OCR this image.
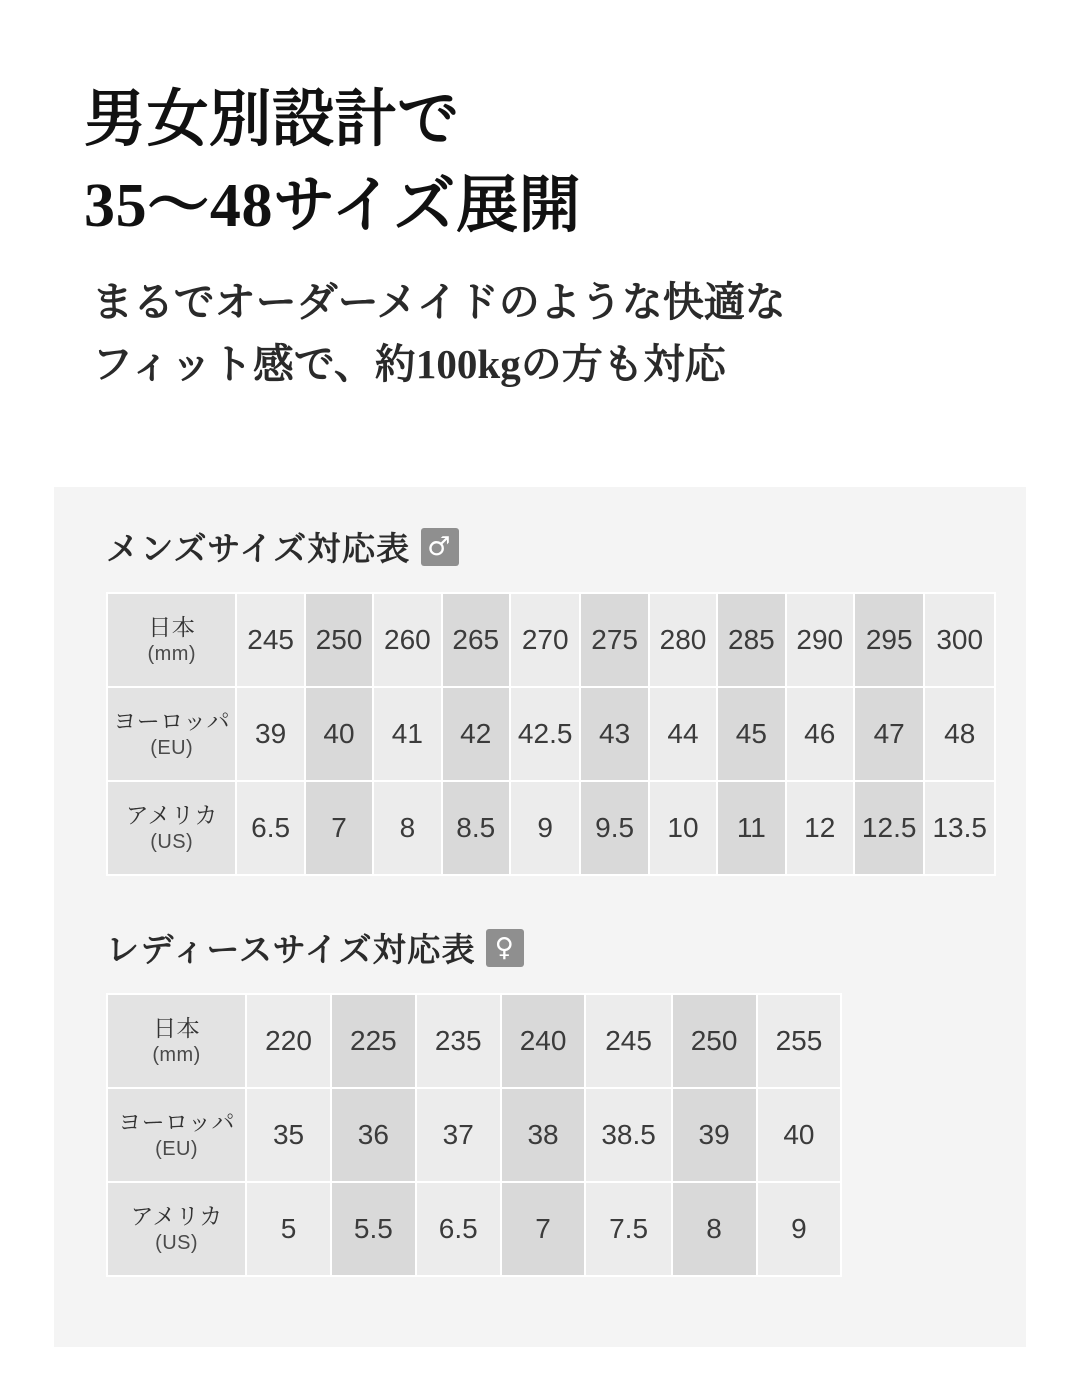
男女別設計で
35〜48サイズ展開

まるでオーダーメイドのような快適な
フィット感で、約100kgの方も対応

メンズサイズ対応表 ♂
日本
(mm)	245	250	260	265	270	275	280	285	290	295	300
ヨーロッパ
(EU)	39	40	41	42	42.5	43	44	45	46	47	48
アメリカ
(US)	6.5	7	8	8.5	9	9.5	10	11	12	12.5	13.5
レディースサイズ対応表 ♀
日本
(mm)	220	225	235	240	245	250	255		
ヨーロッパ
(EU)	35	36	37	38	38.5	39	40		
アメリカ
(US)	5	5.5	6.5	7	7.5	8	9		
